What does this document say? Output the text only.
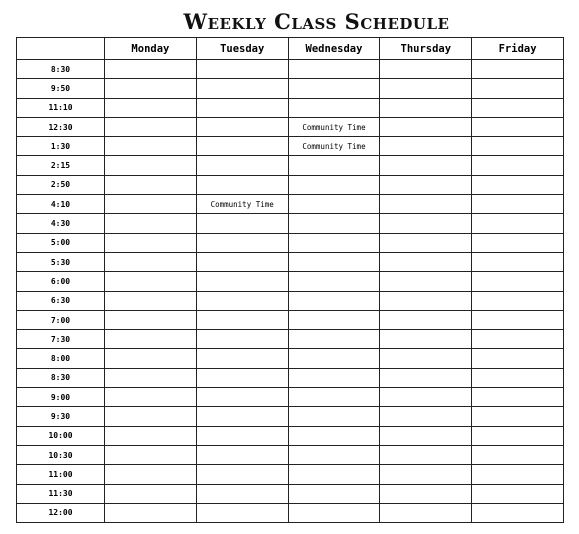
Weekly Class Schedule
	Monday	Tuesday	Wednesday	Thursday	Friday
8:30					
9:50					
11:10					
12:30			Community Time		
1:30			Community Time		
2:15					
2:50					
4:10		Community Time			
4:30					
5:00					
5:30					
6:00					
6:30					
7:00					
7:30					
8:00					
8:30					
9:00					
9:30					
10:00					
10:30					
11:00					
11:30					
12:00					
